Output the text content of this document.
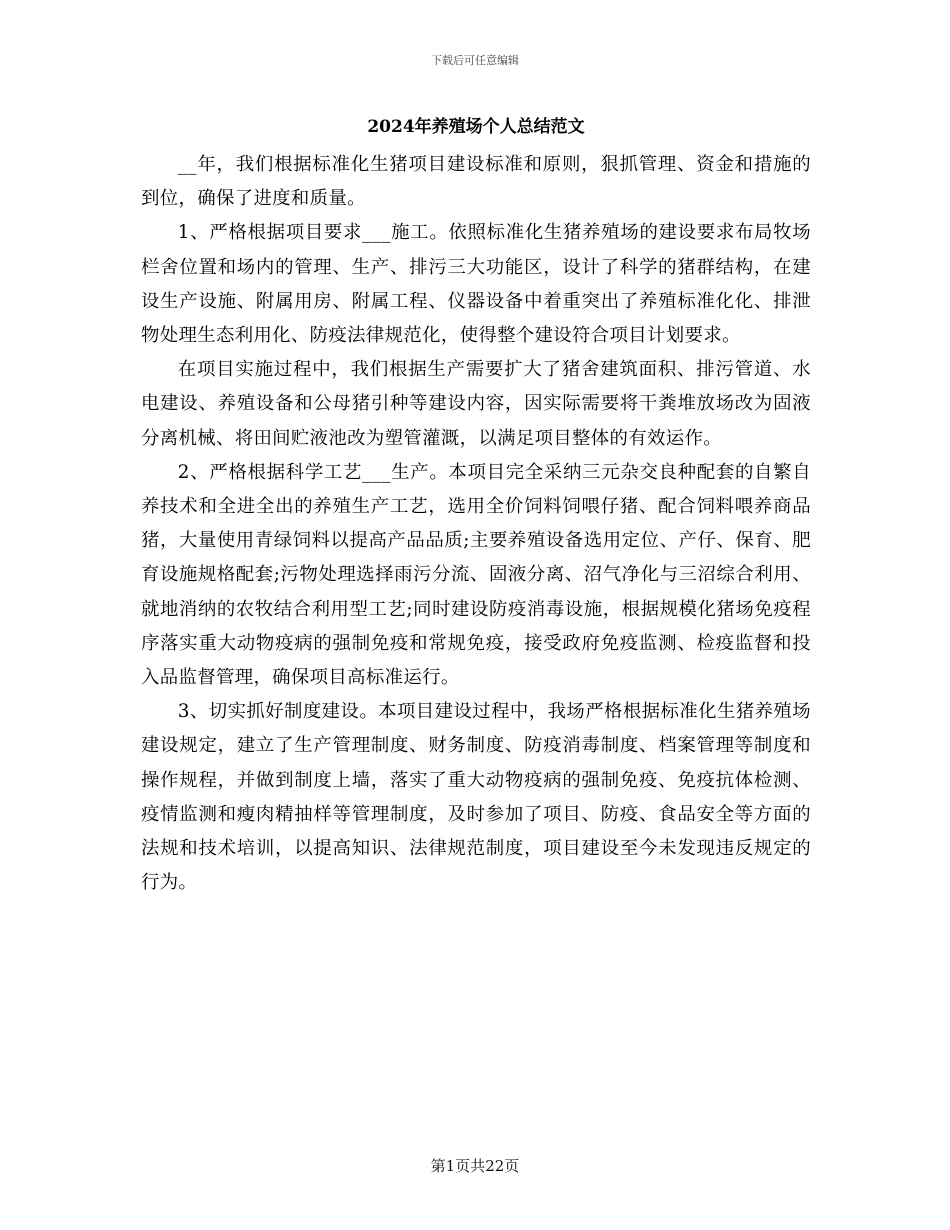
下载后可任意编辑
2024年养殖场个人总结范文

__年，我们根据标准化生猪项目建设标准和原则，狠抓管理、资金和措施的到位，确保了进度和质量。

1、严格根据项目要求___施工。依照标准化生猪养殖场的建设要求布局牧场栏舍位置和场内的管理、生产、排污三大功能区，设计了科学的猪群结构，在建设生产设施、附属用房、附属工程、仪器设备中着重突出了养殖标准化化、排泄物处理生态利用化、防疫法律规范化，使得整个建设符合项目计划要求。

在项目实施过程中，我们根据生产需要扩大了猪舍建筑面积、排污管道、水电建设、养殖设备和公母猪引种等建设内容，因实际需要将干粪堆放场改为固液分离机械、将田间贮液池改为塑管灌溉，以满足项目整体的有效运作。

2、严格根据科学工艺___生产。本项目完全采纳三元杂交良种配套的自繁自养技术和全进全出的养殖生产工艺，选用全价饲料饲喂仔猪、配合饲料喂养商品猪，大量使用青绿饲料以提高产品品质;主要养殖设备选用定位、产仔、保育、肥育设施规格配套;污物处理选择雨污分流、固液分离、沼气净化与三沼综合利用、就地消纳的农牧结合利用型工艺;同时建设防疫消毒设施，根据规模化猪场免疫程序落实重大动物疫病的强制免疫和常规免疫，接受政府免疫监测、检疫监督和投入品监督管理，确保项目高标准运行。

3、切实抓好制度建设。本项目建设过程中，我场严格根据标准化生猪养殖场建设规定，建立了生产管理制度、财务制度、防疫消毒制度、档案管理等制度和操作规程，并做到制度上墙，落实了重大动物疫病的强制免疫、免疫抗体检测、疫情监测和瘦肉精抽样等管理制度，及时参加了项目、防疫、食品安全等方面的法规和技术培训，以提高知识、法律规范制度，项目建设至今未发现违反规定的行为。

第1页共22页
